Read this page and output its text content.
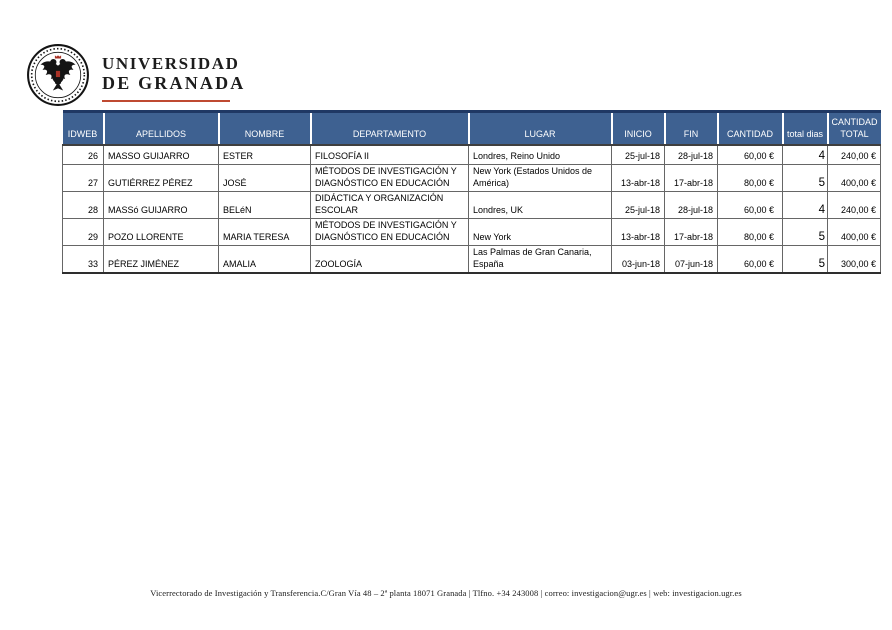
UNIVERSIDAD
DE GRANADA
IDWEB	APELLIDOS	NOMBRE	DEPARTAMENTO	LUGAR	INICIO	FIN	CANTIDAD	total dias	CANTIDAD TOTAL
26	MASSO GUIJARRO	ESTER	FILOSOFÍA II	Londres, Reino Unido	25-jul-18	28-jul-18	60,00 €	4	240,00 €
27	GUTIÉRREZ PÉREZ	JOSÉ	MÉTODOS DE INVESTIGACIÓN Y DIAGNÓSTICO EN EDUCACIÓN	New York (Estados Unidos de América)	13-abr-18	17-abr-18	80,00 €	5	400,00 €
28	MASSó GUIJARRO	BELéN	DIDÁCTICA Y ORGANIZACIÓN ESCOLAR	Londres, UK	25-jul-18	28-jul-18	60,00 €	4	240,00 €
29	POZO LLORENTE	MARIA TERESA	MÉTODOS DE INVESTIGACIÓN Y DIAGNÓSTICO EN EDUCACIÓN	New York	13-abr-18	17-abr-18	80,00 €	5	400,00 €
33	PÉREZ JIMÉNEZ	AMALIA	ZOOLOGÍA	Las Palmas de Gran Canaria, España	03-jun-18	07-jun-18	60,00 €	5	300,00 €
Vicerrectorado de Investigación y Transferencia.C/Gran Vía 48 – 2ª planta 18071 Granada | Tlfno. +34 243008 | correo: investigacion@ugr.es | web: investigacion.ugr.es
